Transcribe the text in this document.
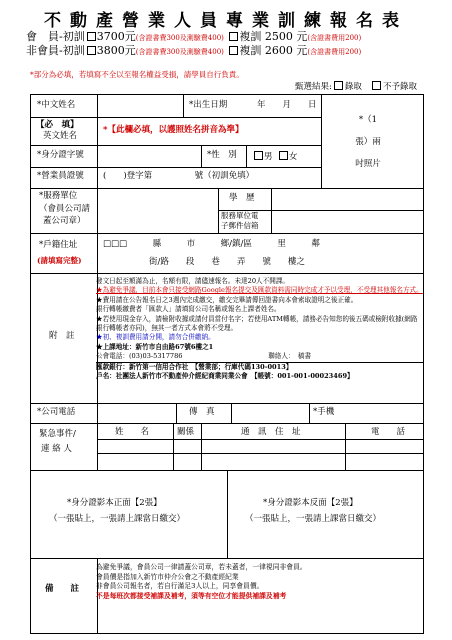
不動產營業人員專業訓練報名表
會　員-初訓 3700元(含證書費300及測驗費400) 複訓 2500 元(含證書費用200)
非會員-初訓 3800元(含證書費300及測驗費400) 複訓 2600 元(含證書費用200)
*部分為必填，若填寫不全以至報名權益受損，請學員自行負責。
甄選結果: 錄取 不予錄取
*中文姓名	*出生日期	年　　月　　日
*（1張）兩吋照片
【必　填】
英文姓名
*【此欄必填，以護照姓名拼音為準】
*身分證字號	*性　別	男 女
*營業員證號 (　　)登字第　　　　　號（初訓免填）
*服務單位
（會員公司請
蓋公司章）
學　歷
服務單位電
子郵件信箱
*戶籍住址
(請填寫完整)
□□□　　　縣　　　市　　　鄉/鎮/區　　　里　　　鄰
街/路　　段　　巷　　弄　　號　　樓之
附　註
*公司電話	傳　真	*手機
緊急事件/
連 絡 人
姓　　名	關係	通　訊　住　址	電　　話
*身分證影本正面【2張】
（一張貼上，一張請上課當日繳交）
*身分證影本反面【2張】
（一張貼上，一張請上課當日繳交）
備　　註
發文日起至額滿為止，名額有限，請儘速報名。未達20人不開課。
★為避免爭議，目前本會只接受網路Google報名提交及匯款資料需同時完成才予以受理，不受理其他報名方式。
★費用請在公告報名日之3週內完成繳交，繳交完畢請傳回證書向本會索取證明之後正確。
銀行轉帳繳費者「匯款人」請填寫公司名稱或報名上課者姓名。
★若使用現金存入，請檢附收據或請付員當付名字；若使用ATM轉帳，請務必告知您的後五碼或檢附收據(網路銀行轉帳者亦同)，無其一者方式本會將不受理。
★初、複訓費用請分開，請勿合併繳納。
★上課地址：新竹市自由路67號6樓之1
公會電話：(03)03-5317786　　　　　　　　　　　　　	聯絡人：　稿書
匯款銀行：新竹第一信用合作社　【營業部；行庫代碼130-0013】
戶名：社團法人新竹市不動產仲介經紀商業同業公會　【帳號：001-001-00023469】
為避免爭議，會員公司一律請蓋公司章，若未蓋者，一律視同非會員。
會員價是指加入新竹市仲介公會之不動產經紀業
非會員公司報名者，若自行滿足3人以上，同享會員價。
不是每班次都接受補課及補考，須等有空位才能提供補課及補考
